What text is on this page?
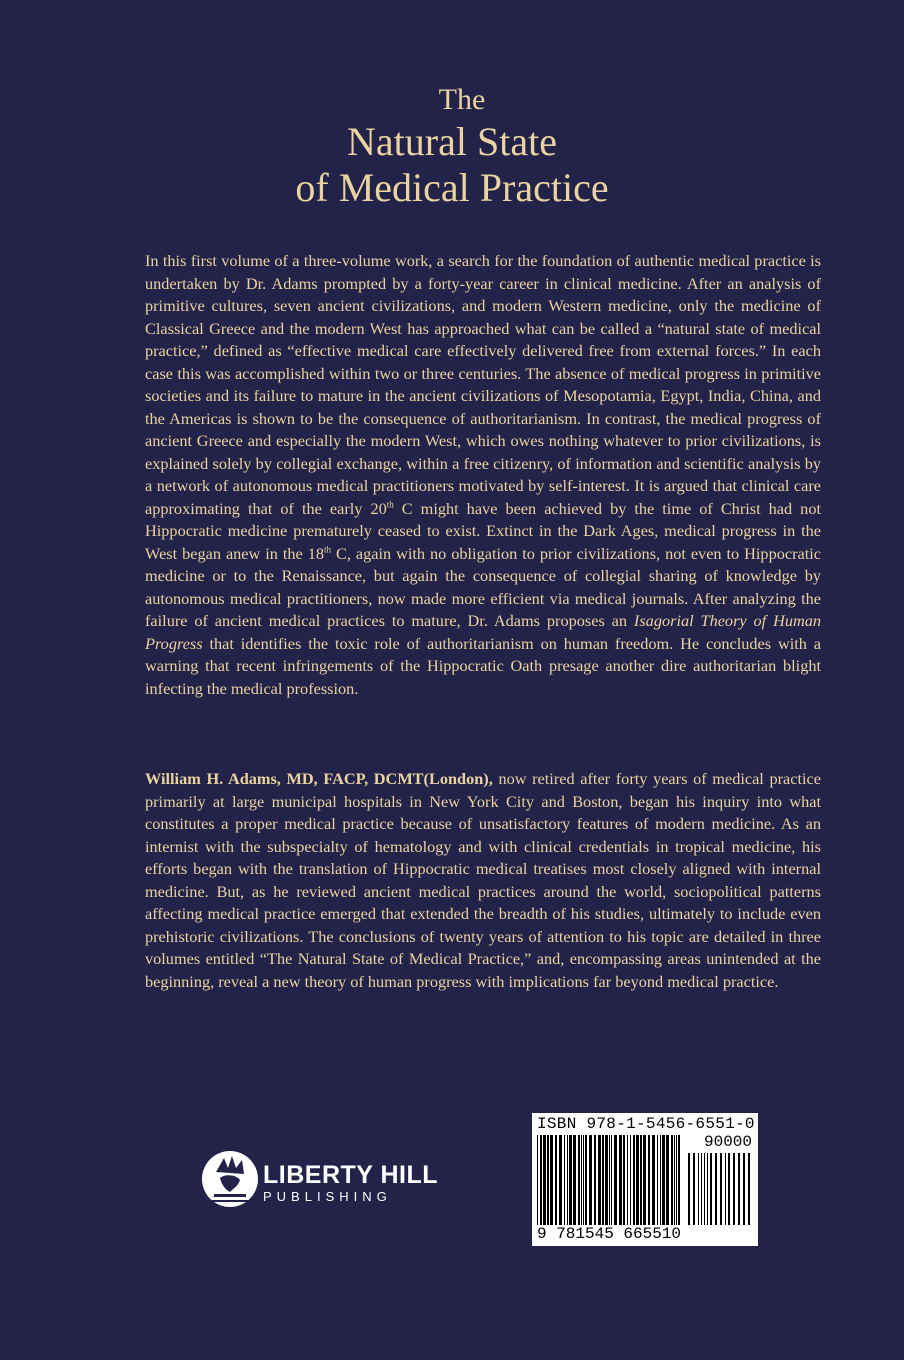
The
Natural State
of Medical Practice

In this first volume of a three-volume work, a search for the foundation of authentic medical practice is undertaken by Dr. Adams prompted by a forty-year career in clinical medicine. After an analysis of primitive cultures, seven ancient civilizations, and modern Western medicine, only the medicine of Classical Greece and the modern West has approached what can be called a “natural state of medical practice,” defined as “effective medical care effectively delivered free from external forces.” In each case this was accomplished within two or three centuries. The absence of medical progress in primitive societies and its failure to mature in the ancient civilizations of Mesopotamia, Egypt, India, China, and the Americas is shown to be the consequence of authoritarianism. In contrast, the medical progress of ancient Greece and especially the modern West, which owes nothing whatever to prior civilizations, is explained solely by collegial exchange, within a free citizenry, of information and scientific analysis by a network of autonomous medical practitioners motivated by self-interest. It is argued that clinical care approximating that of the early 20th C might have been achieved by the time of Christ had not Hippocratic medicine prematurely ceased to exist. Extinct in the Dark Ages, medical progress in the West began anew in the 18th C, again with no obligation to prior civilizations, not even to Hippocratic medicine or to the Renaissance, but again the consequence of collegial sharing of knowledge by autonomous medical practitioners, now made more efficient via medical journals. After analyzing the failure of ancient medical practices to mature, Dr. Adams proposes an Isagorial Theory of Human Progress that identifies the toxic role of authoritarianism on human freedom. He concludes with a warning that recent infringements of the Hippocratic Oath presage another dire authoritarian blight infecting the medical profession.

William H. Adams, MD, FACP, DCMT(London), now retired after forty years of medical practice primarily at large municipal hospitals in New York City and Boston, began his inquiry into what constitutes a proper medical practice because of unsatisfactory features of modern medicine. As an internist with the subspecialty of hematology and with clinical credentials in tropical medicine, his efforts began with the translation of Hippocratic medical treatises most closely aligned with internal medicine. But, as he reviewed ancient medical practices around the world, sociopolitical patterns affecting medical practice emerged that extended the breadth of his studies, ultimately to include even prehistoric civilizations. The conclusions of twenty years of attention to his topic are detailed in three volumes entitled “The Natural State of Medical Practice,” and, encompassing areas unintended at the beginning, reveal a new theory of human progress with implications far beyond medical practice.

LIBERTY HILL
PUBLISHING
ISBN 978-1-5456-6551-0
90000
9 781545 665510
